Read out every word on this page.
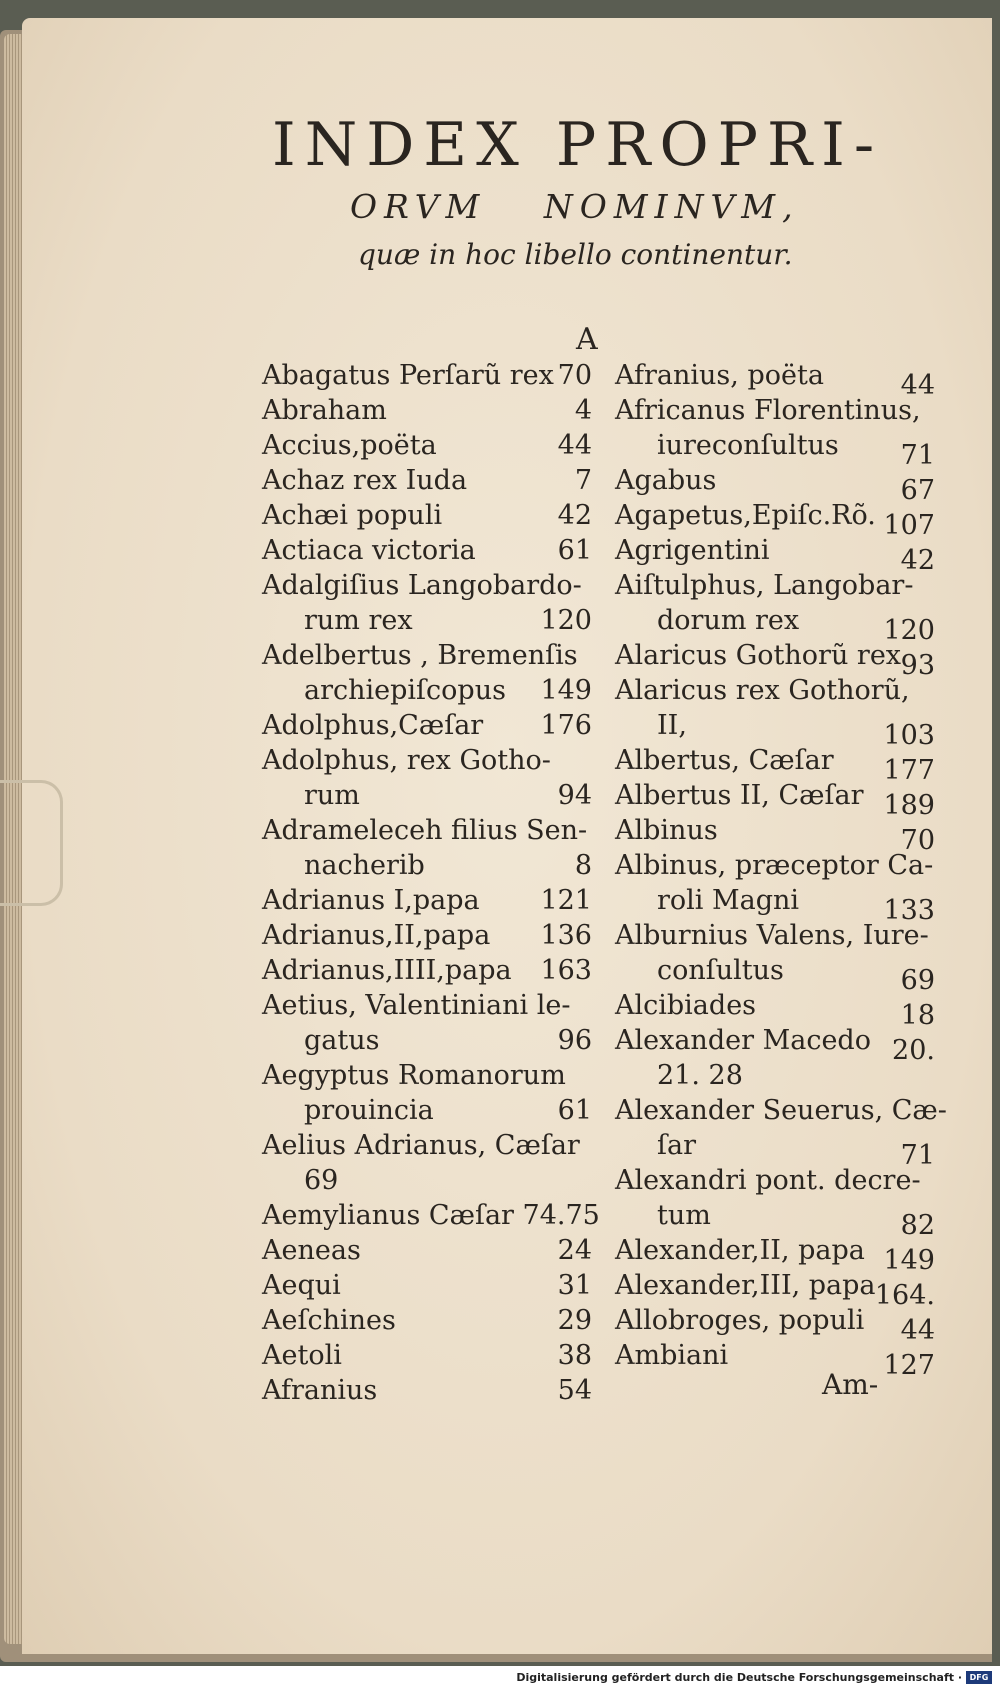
INDEX PROPRI-
ORVM NOMINVM,
quæ in hoc libello continentur.
A
Abagatus Perſarũ rex 70
Abraham	4
Accius,poëta	44
Achaz rex Iuda	7
Achæi populi	42
Actiaca victoria	61
Adalgiſius Langobardo-
rum rex	120
Adelbertus , Bremenſis
archiepiſcopus 149
Adolphus,Cæſar 176
Adolphus, rex Gotho-
rum	94
Adrameleceh filius Sen-
nacherib	8
Adrianus I,papa 121
Adrianus,II,papa 136
Adrianus,IIII,papa 163
Aetius, Valentiniani le-
gatus	96
Aegyptus Romanorum
prouincia	61
Aelius Adrianus, Cæſar
69
Aemylianus Cæſar 74.75
Aeneas	24
Aequi	31
Aeſchines	29
Aetoli	38
Afranius	54
Afranius, poëta	44
Africanus Florentinus,
iureconſultus 71
Agabus	67
Agapetus,Epiſc.Rõ. 107
Agrigentini	42
Aiſtulphus, Langobar-
dorum rex	120
Alaricus Gothorũ rex 93
Alaricus rex Gothorũ,
II,	103
Albertus, Cæſar 177
Albertus II, Cæſar 189
Albinus	70
Albinus, præceptor Ca-
roli Magni	133
Alburnius Valens, Iure-
conſultus	69
Alcibiades	18
Alexander Macedo 20.
21. 28
Alexander Seuerus, Cæ-
ſar	71
Alexandri pont. decre-
tum	82
Alexander,II, papa 149
Alexander,III, papa 164.
Allobroges, populi 44
Ambiani	127
Am-
Digitalisierung gefördert durch die Deutsche Forschungsgemeinschaft · DFG
